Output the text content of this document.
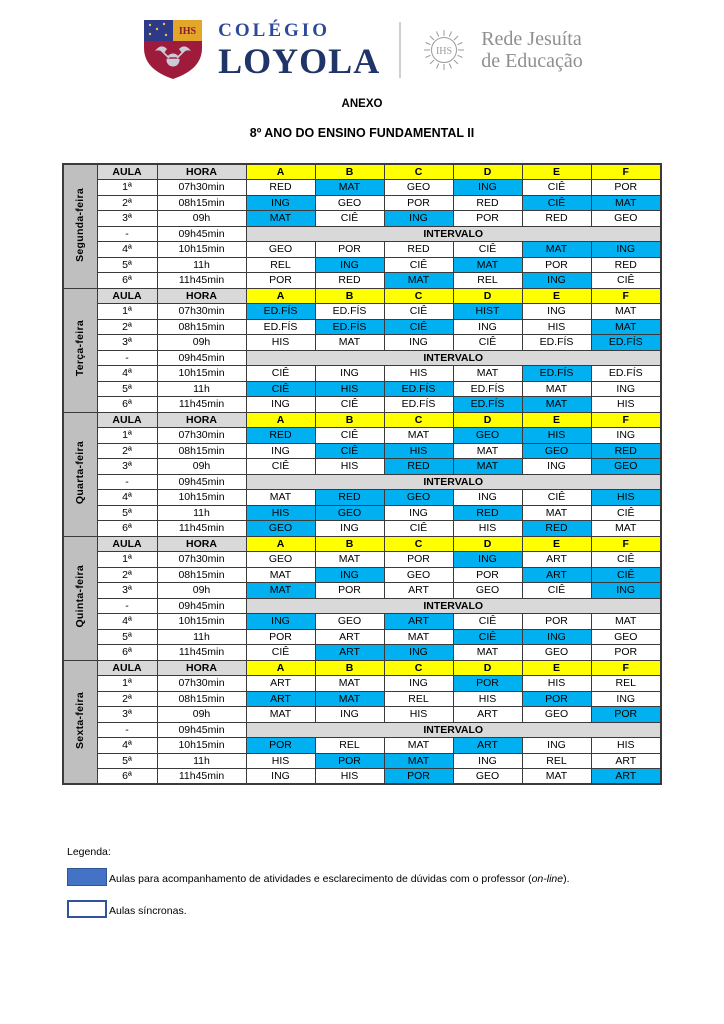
IHS COLÉGIO
LOYOLA	IHS
Rede Jesuíta
de Educação
ANEXO
8º ANO DO ENSINO FUNDAMENTAL II
Segunda-feira	AULA	HORA	A	B	C	D	E	F
	1ª	07h30min	RED	MAT	GEO	ING	CIÊ	POR
	2ª	08h15min	ING	GEO	POR	RED	CIÊ	MAT
	3ª	09h	MAT	CIÊ	ING	POR	RED	GEO
	-	09h45min	INTERVALO					
	4ª	10h15min	GEO	POR	RED	CIÊ	MAT	ING
	5ª	11h	REL	ING	CIÊ	MAT	POR	RED
	6ª	11h45min	POR	RED	MAT	REL	ING	CIÊ
Terça-feira	AULA	HORA	A	B	C	D	E	F
	1ª	07h30min	ED.FÍS	ED.FÍS	CIÊ	HIST	ING	MAT
	2ª	08h15min	ED.FÍS	ED.FÍS	CIÊ	ING	HIS	MAT
	3ª	09h	HIS	MAT	ING	CIÊ	ED.FÍS	ED.FÍS
	-	09h45min	INTERVALO					
	4ª	10h15min	CIÊ	ING	HIS	MAT	ED.FÍS	ED.FÍS
	5ª	11h	CIÊ	HIS	ED.FÍS	ED.FÍS	MAT	ING
	6ª	11h45min	ING	CIÊ	ED.FÍS	ED.FÍS	MAT	HIS
Quarta-feira	AULA	HORA	A	B	C	D	E	F
	1ª	07h30min	RED	CIÊ	MAT	GEO	HIS	ING
	2ª	08h15min	ING	CIÊ	HIS	MAT	GEO	RED
	3ª	09h	CIÊ	HIS	RED	MAT	ING	GEO
	-	09h45min	INTERVALO					
	4ª	10h15min	MAT	RED	GEO	ING	CIÊ	HIS
	5ª	11h	HIS	GEO	ING	RED	MAT	CIÊ
	6ª	11h45min	GEO	ING	CIÊ	HIS	RED	MAT
Quinta-feira	AULA	HORA	A	B	C	D	E	F
	1ª	07h30min	GEO	MAT	POR	ING	ART	CIÊ
	2ª	08h15min	MAT	ING	GEO	POR	ART	CIÊ
	3ª	09h	MAT	POR	ART	GEO	CIÊ	ING
	-	09h45min	INTERVALO					
	4ª	10h15min	ING	GEO	ART	CIÊ	POR	MAT
	5ª	11h	POR	ART	MAT	CIÊ	ING	GEO
	6ª	11h45min	CIÊ	ART	ING	MAT	GEO	POR
Sexta-feira	AULA	HORA	A	B	C	D	E	F
	1ª	07h30min	ART	MAT	ING	POR	HIS	REL
	2ª	08h15min	ART	MAT	REL	HIS	POR	ING
	3ª	09h	MAT	ING	HIS	ART	GEO	POR
	-	09h45min	INTERVALO					
	4ª	10h15min	POR	REL	MAT	ART	ING	HIS
	5ª	11h	HIS	POR	MAT	ING	REL	ART
	6ª	11h45min	ING	HIS	POR	GEO	MAT	ART
Legenda:
Aulas para acompanhamento de atividades e esclarecimento de dúvidas com o professor (on-line).
Aulas síncronas.
